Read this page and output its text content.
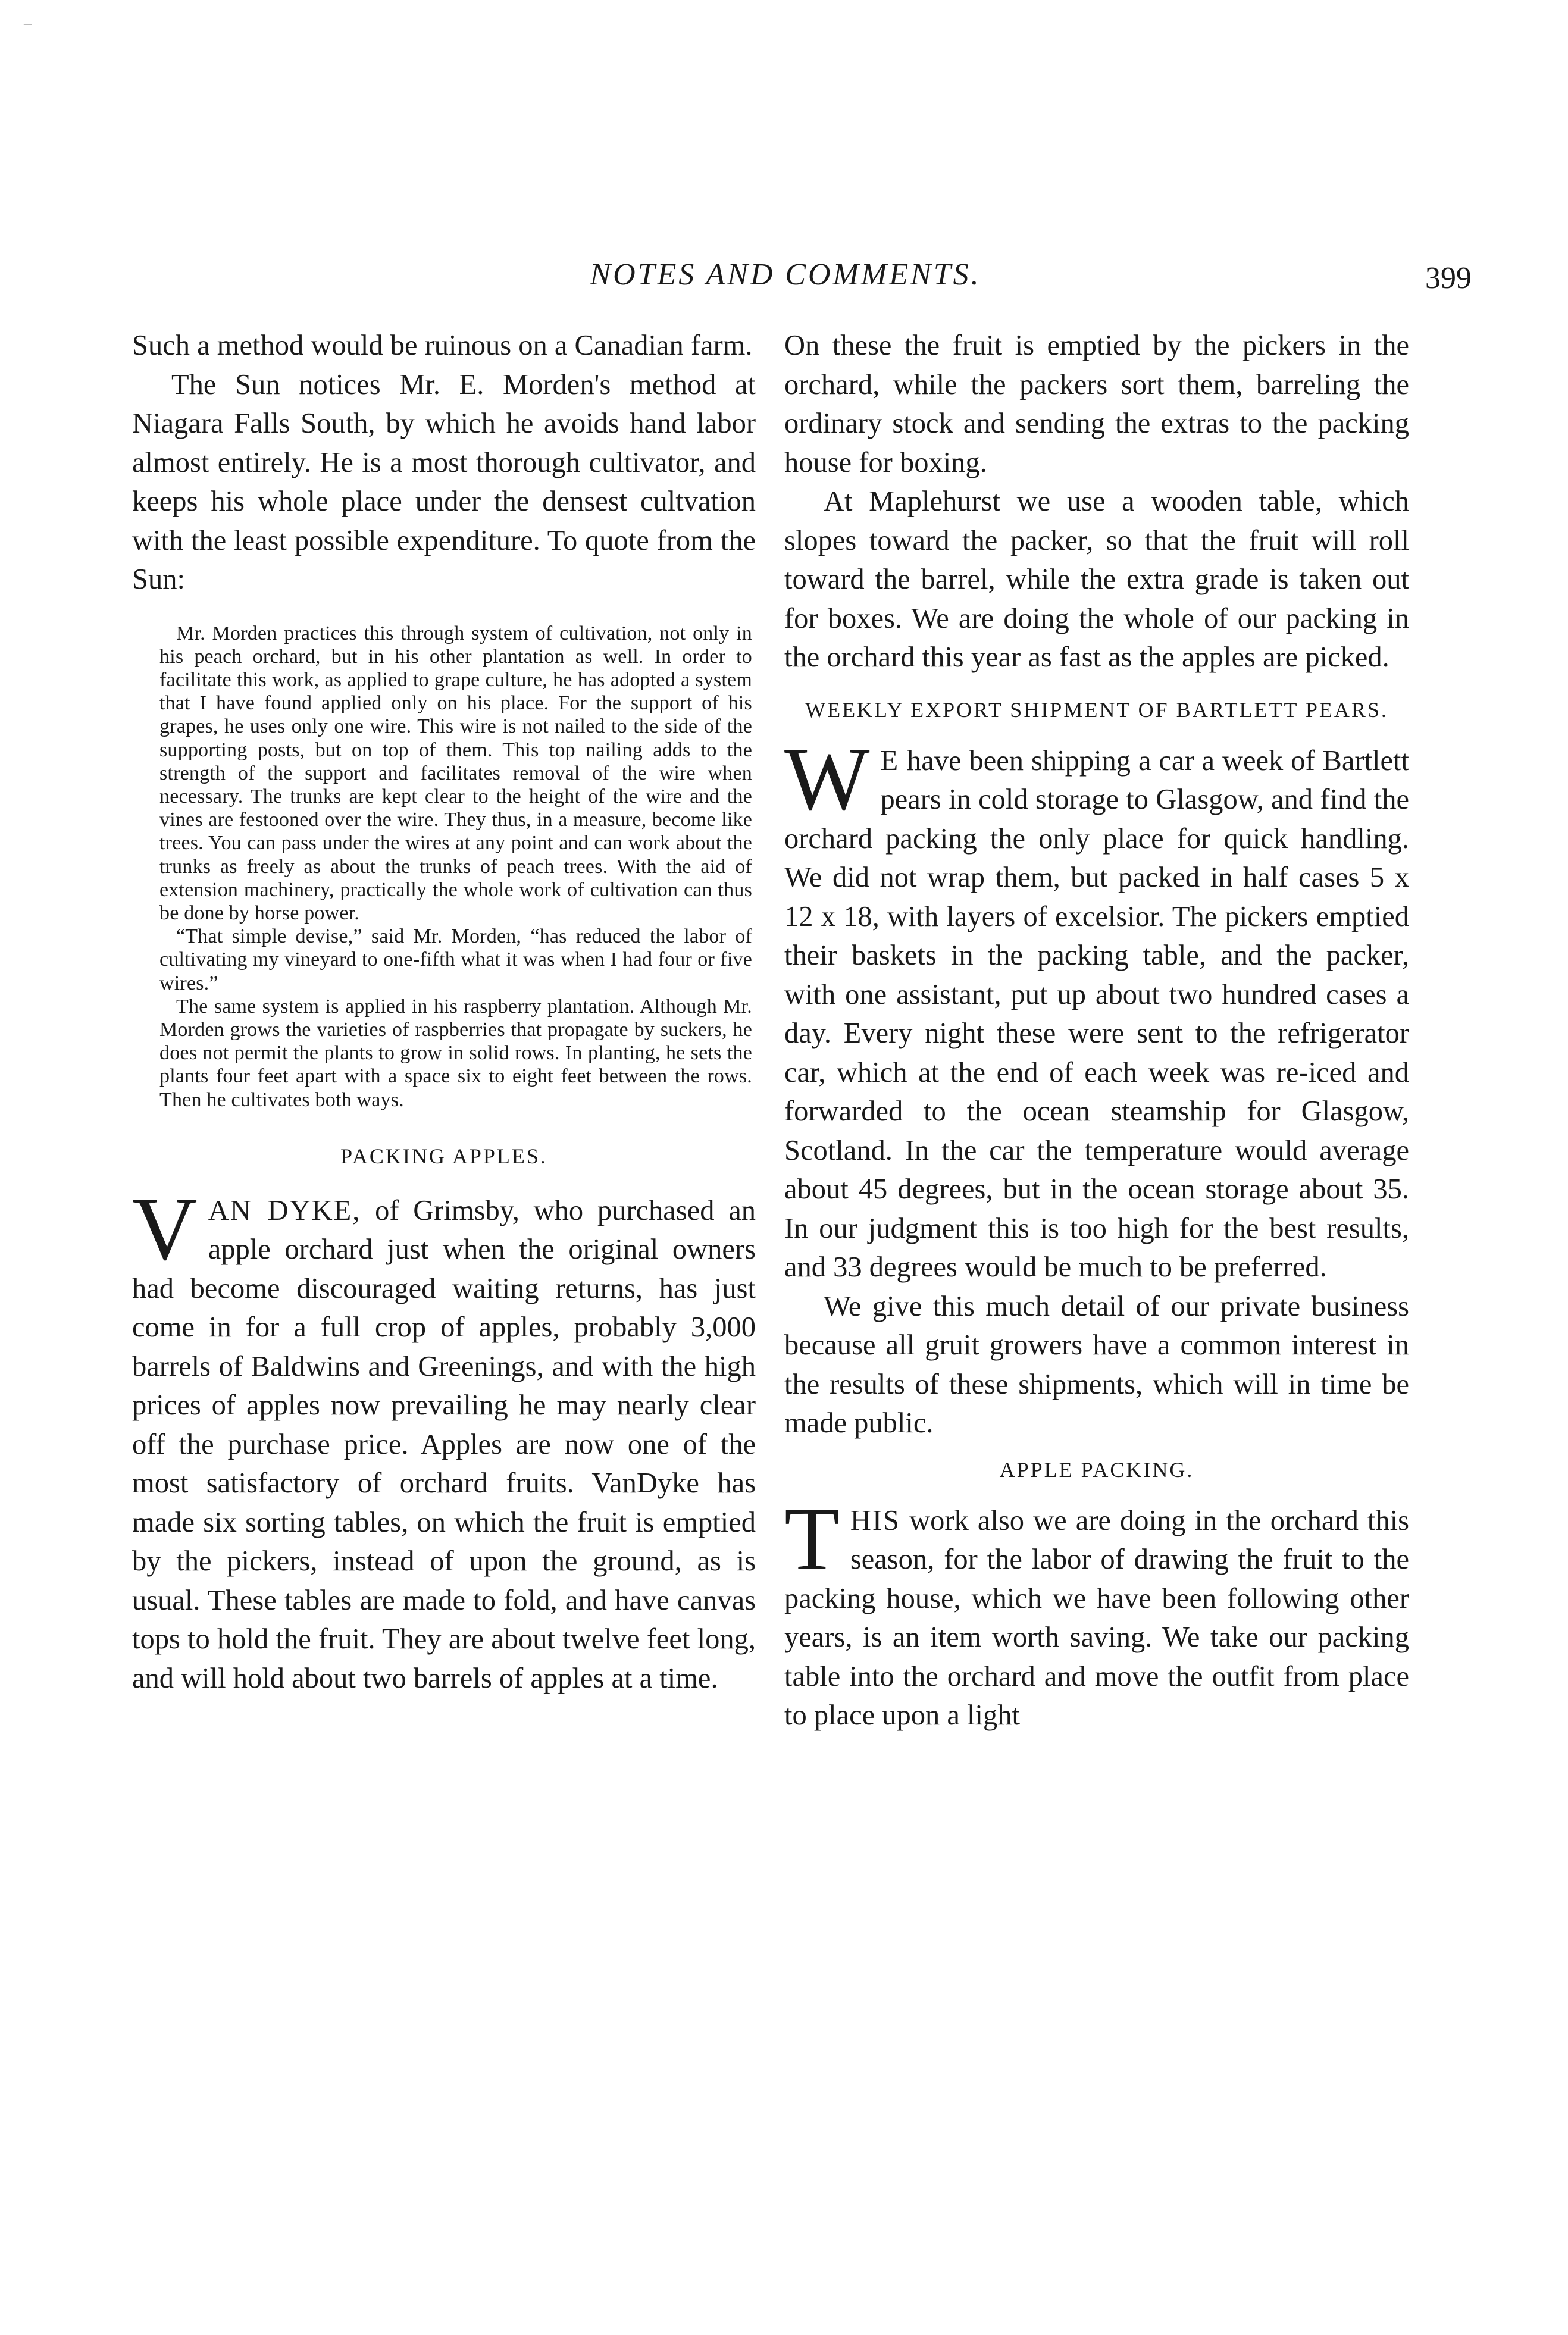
–
NOTES AND COMMENTS.	399

Such a method would be ruinous on a Canadian farm.

The Sun notices Mr. E. Morden's method at Niagara Falls South, by which he avoids hand labor almost entirely. He is a most thorough cultivator, and keeps his whole place under the densest cultvation with the least possible expenditure. To quote from the Sun:

Mr. Morden practices this through system of cultivation, not only in his peach orchard, but in his other plantation as well. In order to facilitate this work, as applied to grape culture, he has adopted a system that I have found applied only on his place. For the support of his grapes, he uses only one wire. This wire is not nailed to the side of the supporting posts, but on top of them. This top nailing adds to the strength of the support and facilitates removal of the wire when necessary. The trunks are kept clear to the height of the wire and the vines are festooned over the wire. They thus, in a measure, become like trees. You can pass under the wires at any point and can work about the trunks as freely as about the trunks of peach trees. With the aid of extension machinery, practically the whole work of cultivation can thus be done by horse power.

“That simple devise,” said Mr. Morden, “has reduced the labor of cultivating my vineyard to one-fifth what it was when I had four or five wires.”

The same system is applied in his raspberry plantation. Although Mr. Morden grows the varieties of raspberries that propagate by suckers, he does not permit the plants to grow in solid rows. In planting, he sets the plants four feet apart with a space six to eight feet between the rows. Then he cultivates both ways.

PACKING APPLES.
VAN DYKE, of Grimsby, who purchased an apple orchard just when the original owners had become discouraged waiting returns, has just come in for a full crop of apples, probably 3,000 barrels of Baldwins and Greenings, and with the high prices of apples now prevailing he may nearly clear off the purchase price. Apples are now one of the most satisfactory of orchard fruits. VanDyke has made six sorting tables, on which the fruit is emptied by the pickers, instead of upon the ground, as is usual. These tables are made to fold, and have canvas tops to hold the fruit. They are about twelve feet long, and will hold about two barrels of apples at a time.

On these the fruit is emptied by the pickers in the orchard, while the packers sort them, barreling the ordinary stock and sending the extras to the packing house for boxing.

At Maplehurst we use a wooden table, which slopes toward the packer, so that the fruit will roll toward the barrel, while the extra grade is taken out for boxes. We are doing the whole of our packing in the orchard this year as fast as the apples are picked.

WEEKLY EXPORT SHIPMENT OF BARTLETT PEARS.
W E have been shipping a car a week of Bartlett pears in cold storage to Glasgow, and find the orchard packing the only place for quick handling. We did not wrap them, but packed in half cases 5 x 12 x 18, with layers of excelsior. The pickers emptied their baskets in the packing table, and the packer, with one assistant, put up about two hundred cases a day. Every night these were sent to the refrigerator car, which at the end of each week was re-iced and forwarded to the ocean steamship for Glasgow, Scotland. In the car the temperature would average about 45 degrees, but in the ocean storage about 35. In our judgment this is too high for the best results, and 33 degrees would be much to be preferred.

We give this much detail of our private business because all gruit growers have a common interest in the results of these shipments, which will in time be made public.

APPLE PACKING.
THIS work also we are doing in the orchard this season, for the labor of drawing the fruit to the packing house, which we have been following other years, is an item worth saving. We take our packing table into the orchard and move the outfit from place to place upon a light
